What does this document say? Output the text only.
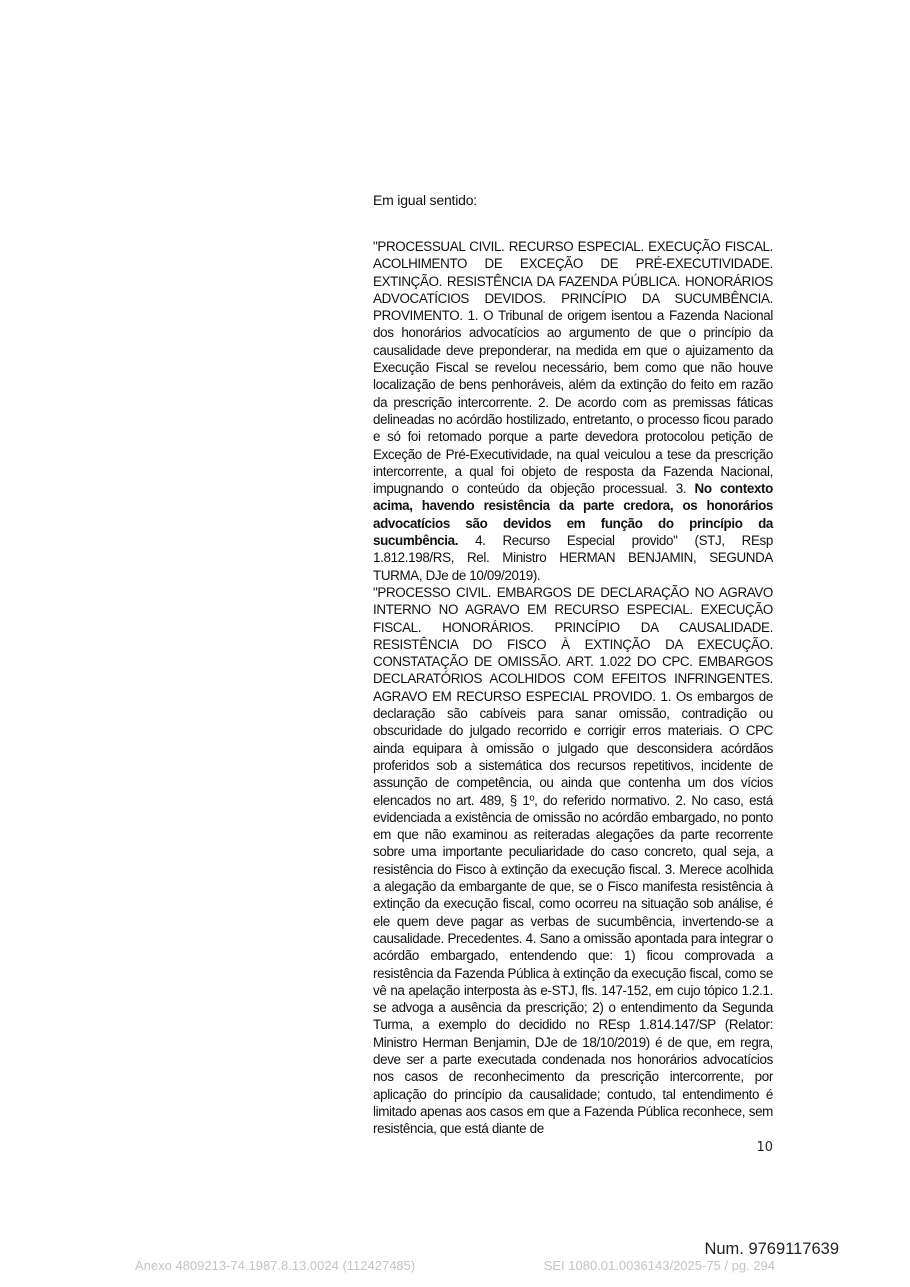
Em igual sentido:

"PROCESSUAL CIVIL. RECURSO ESPECIAL. EXECUÇÃO FISCAL. ACOLHIMENTO DE EXCEÇÃO DE PRÉ-EXECUTIVIDADE. EXTINÇÃO. RESISTÊNCIA DA FAZENDA PÚBLICA. HONORÁRIOS ADVOCATÍCIOS DEVIDOS. PRINCÍPIO DA SUCUMBÊNCIA. PROVIMENTO. 1. O Tribunal de origem isentou a Fazenda Nacional dos honorários advocatícios ao argumento de que o princípio da causalidade deve preponderar, na medida em que o ajuizamento da Execução Fiscal se revelou necessário, bem como que não houve localização de bens penhoráveis, além da extinção do feito em razão da prescrição intercorrente. 2. De acordo com as premissas fáticas delineadas no acórdão hostilizado, entretanto, o processo ficou parado e só foi retomado porque a parte devedora protocolou petição de Exceção de Pré-Executividade, na qual veiculou a tese da prescrição intercorrente, a qual foi objeto de resposta da Fazenda Nacional, impugnando o conteúdo da objeção processual. 3. No contexto acima, havendo resistência da parte credora, os honorários advocatícios são devidos em função do princípio da sucumbência. 4. Recurso Especial provido" (STJ, REsp 1.812.198/RS, Rel. Ministro HERMAN BENJAMIN, SEGUNDA TURMA, DJe de 10/09/2019).

"PROCESSO CIVIL. EMBARGOS DE DECLARAÇÃO NO AGRAVO INTERNO NO AGRAVO EM RECURSO ESPECIAL. EXECUÇÃO FISCAL. HONORÁRIOS. PRINCÍPIO DA CAUSALIDADE. RESISTÊNCIA DO FISCO À EXTINÇÃO DA EXECUÇÃO. CONSTATAÇÃO DE OMISSÃO. ART. 1.022 DO CPC. EMBARGOS DECLARATÓRIOS ACOLHIDOS COM EFEITOS INFRINGENTES. AGRAVO EM RECURSO ESPECIAL PROVIDO. 1. Os embargos de declaração são cabíveis para sanar omissão, contradição ou obscuridade do julgado recorrido e corrigir erros materiais. O CPC ainda equipara à omissão o julgado que desconsidera acórdãos proferidos sob a sistemática dos recursos repetitivos, incidente de assunção de competência, ou ainda que contenha um dos vícios elencados no art. 489, § 1º, do referido normativo. 2. No caso, está evidenciada a existência de omissão no acórdão embargado, no ponto em que não examinou as reiteradas alegações da parte recorrente sobre uma importante peculiaridade do caso concreto, qual seja, a resistência do Fisco à extinção da execução fiscal. 3. Merece acolhida a alegação da embargante de que, se o Fisco manifesta resistência à extinção da execução fiscal, como ocorreu na situação sob análise, é ele quem deve pagar as verbas de sucumbência, invertendo-se a causalidade. Precedentes. 4. Sano a omissão apontada para integrar o acórdão embargado, entendendo que: 1) ficou comprovada a resistência da Fazenda Pública à extinção da execução fiscal, como se vê na apelação interposta às e-STJ, fls. 147-152, em cujo tópico 1.2.1. se advoga a ausência da prescrição; 2) o entendimento da Segunda Turma, a exemplo do decidido no REsp 1.814.147/SP (Relator: Ministro Herman Benjamin, DJe de 18/10/2019) é de que, em regra, deve ser a parte executada condenada nos honorários advocatícios nos casos de reconhecimento da prescrição intercorrente, por aplicação do princípio da causalidade; contudo, tal entendimento é limitado apenas aos casos em que a Fazenda Pública reconhece, sem resistência, que está diante de

10
Num. 9769117639
Anexo 4809213-74.1987.8.13.0024 (112427485)	SEI 1080.01.0036143/2025-75 / pg. 294
